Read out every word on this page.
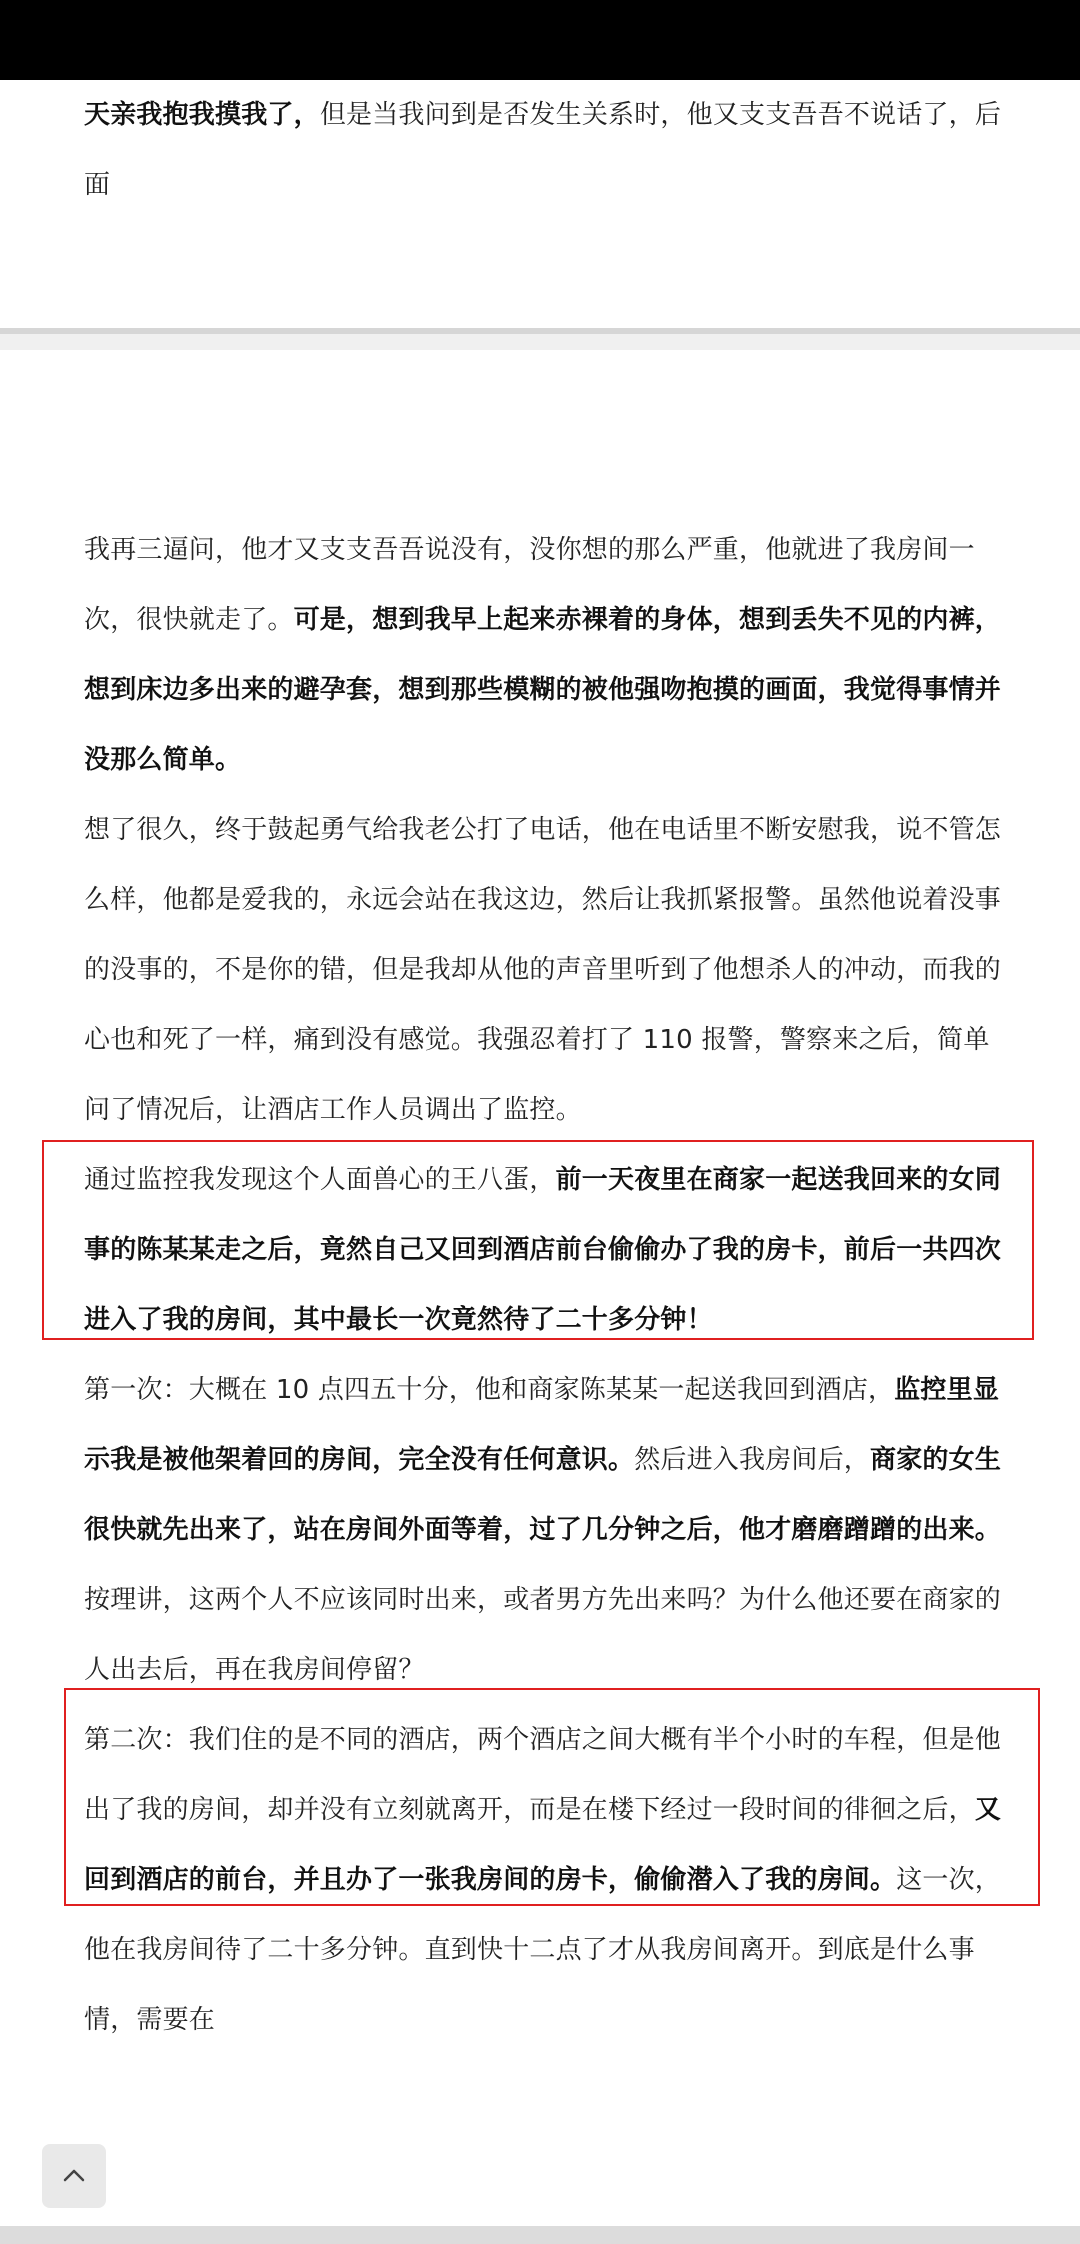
天亲我抱我摸我了，但是当我问到是否发生关系时，他又支支吾吾不说话了，后面

我再三逼问，他才又支支吾吾说没有，没你想的那么严重，他就进了我房间一次，很快就走了。可是，想到我早上起来赤裸着的身体，想到丢失不见的内裤，想到床边多出来的避孕套，想到那些模糊的被他强吻抱摸的画面，我觉得事情并没那么简单。

想了很久，终于鼓起勇气给我老公打了电话，他在电话里不断安慰我，说不管怎么样，他都是爱我的，永远会站在我这边，然后让我抓紧报警。虽然他说着没事的没事的，不是你的错，但是我却从他的声音里听到了他想杀人的冲动，而我的心也和死了一样，痛到没有感觉。我强忍着打了 110 报警，警察来之后，简单问了情况后，让酒店工作人员调出了监控。

通过监控我发现这个人面兽心的王八蛋，前一天夜里在商家一起送我回来的女同事的陈某某走之后，竟然自己又回到酒店前台偷偷办了我的房卡，前后一共四次进入了我的房间，其中最长一次竟然待了二十多分钟！

第一次：大概在 10 点四五十分，他和商家陈某某一起送我回到酒店，监控里显示我是被他架着回的房间，完全没有任何意识。然后进入我房间后，商家的女生很快就先出来了，站在房间外面等着，过了几分钟之后，他才磨磨蹭蹭的出来。按理讲，这两个人不应该同时出来，或者男方先出来吗？为什么他还要在商家的人出去后，再在我房间停留？

第二次：我们住的是不同的酒店，两个酒店之间大概有半个小时的车程，但是他出了我的房间，却并没有立刻就离开，而是在楼下经过一段时间的徘徊之后，又回到酒店的前台，并且办了一张我房间的房卡，偷偷潜入了我的房间。这一次，他在我房间待了二十多分钟。直到快十二点了才从我房间离开。到底是什么事情，需要在
